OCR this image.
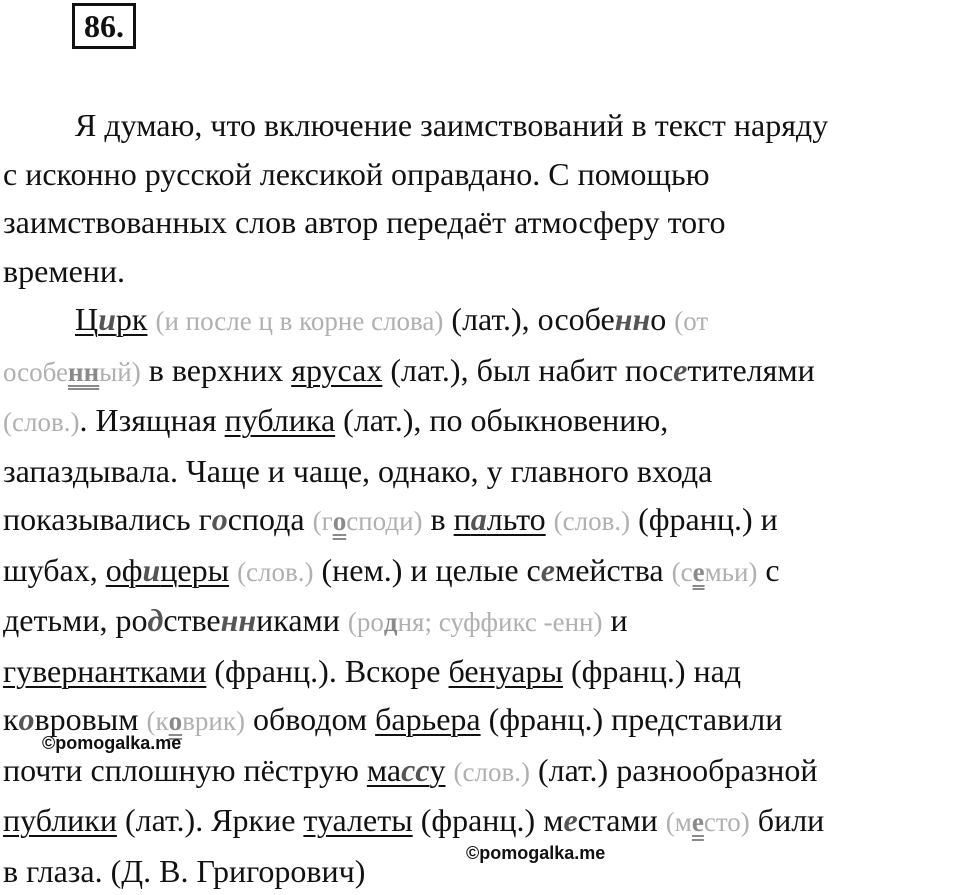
86.
Я думаю, что включение заимствований в текст наряду
с исконно русской лексикой оправдано. С помощью
заимствованных слов автор передаёт атмосферу того
времени.
Цирк (и после ц в корне слова) (лат.), особенно (от
особенный) в верхних ярусах (лат.), был набит посетителями
(слов.). Изящная публика (лат.), по обыкновению,
запаздывала. Чаще и чаще, однако, у главного входа
показывались господа (господи) в пальто (слов.) (франц.) и
шубах, офицеры (слов.) (нем.) и целые семейства (семьи) с
детьми, родственниками (родня; суффикс -енн) и
гувернантками (франц.). Вскоре бенуары (франц.) над
ковровым (коврик) обводом барьера (франц.) представили
почти сплошную пёструю массу (слов.) (лат.) разнообразной
публики (лат.). Яркие туалеты (франц.) местами (место) били
в глаза. (Д. В. Григорович)
©pomogalka.me
©pomogalka.me
